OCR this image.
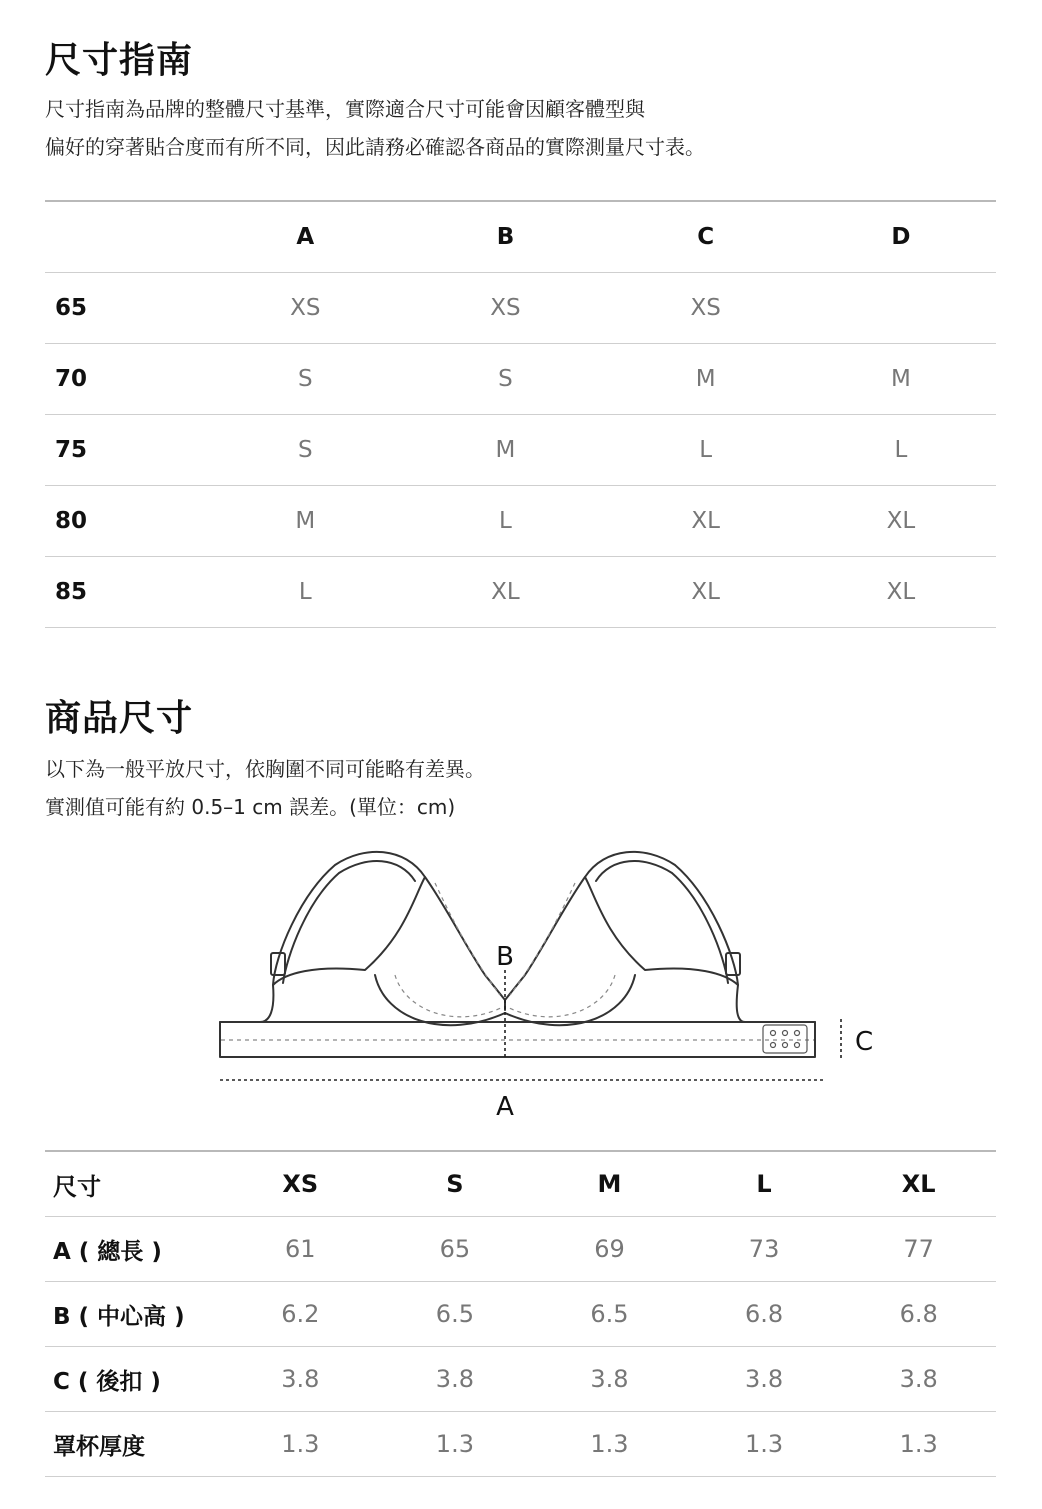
尺寸指南
尺寸指南為品牌的整體尺寸基準，實際適合尺寸可能會因顧客體型與
偏好的穿著貼合度而有所不同，因此請務必確認各商品的實際測量尺寸表。
	A	B	C	D
65	XS	XS	XS	
70	S	S	M	M
75	S	M	L	L
80	M	L	XL	XL
85	L	XL	XL	XL
商品尺寸
以下為一般平放尺寸，依胸圍不同可能略有差異。
實測值可能有約 0.5–1 cm 誤差。(單位：cm)
A
B
C
尺寸	XS	S	M	L	XL
A ( 總長 )	61	65	69	73	77
B ( 中心高 )	6.2	6.5	6.5	6.8	6.8
C ( 後扣 )	3.8	3.8	3.8	3.8	3.8
罩杯厚度	1.3	1.3	1.3	1.3	1.3
